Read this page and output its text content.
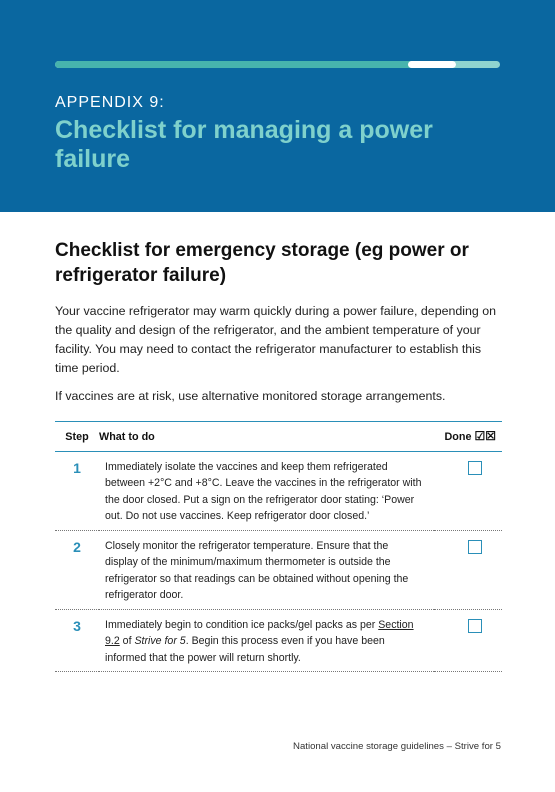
APPENDIX 9:
Checklist for managing a power failure
Checklist for emergency storage (eg power or refrigerator failure)

Your vaccine refrigerator may warm quickly during a power failure, depending on the quality and design of the refrigerator, and the ambient temperature of your facility. You may need to contact the refrigerator manufacturer to establish this time period.

If vaccines are at risk, use alternative monitored storage arrangements.

Step	What to do	Done ☑☒
1	Immediately isolate the vaccines and keep them refrigerated between +2°C and +8°C. Leave the vaccines in the refrigerator with the door closed. Put a sign on the refrigerator door stating: ‘Power out. Do not use vaccines. Keep refrigerator door closed.’	
2	Closely monitor the refrigerator temperature. Ensure that the display of the minimum/maximum thermometer is outside the refrigerator so that readings can be obtained without opening the refrigerator door.	
3	Immediately begin to condition ice packs/gel packs as per Section 9.2 of Strive for 5. Begin this process even if you have been informed that the power will return shortly.	
National vaccine storage guidelines – Strive for 5
